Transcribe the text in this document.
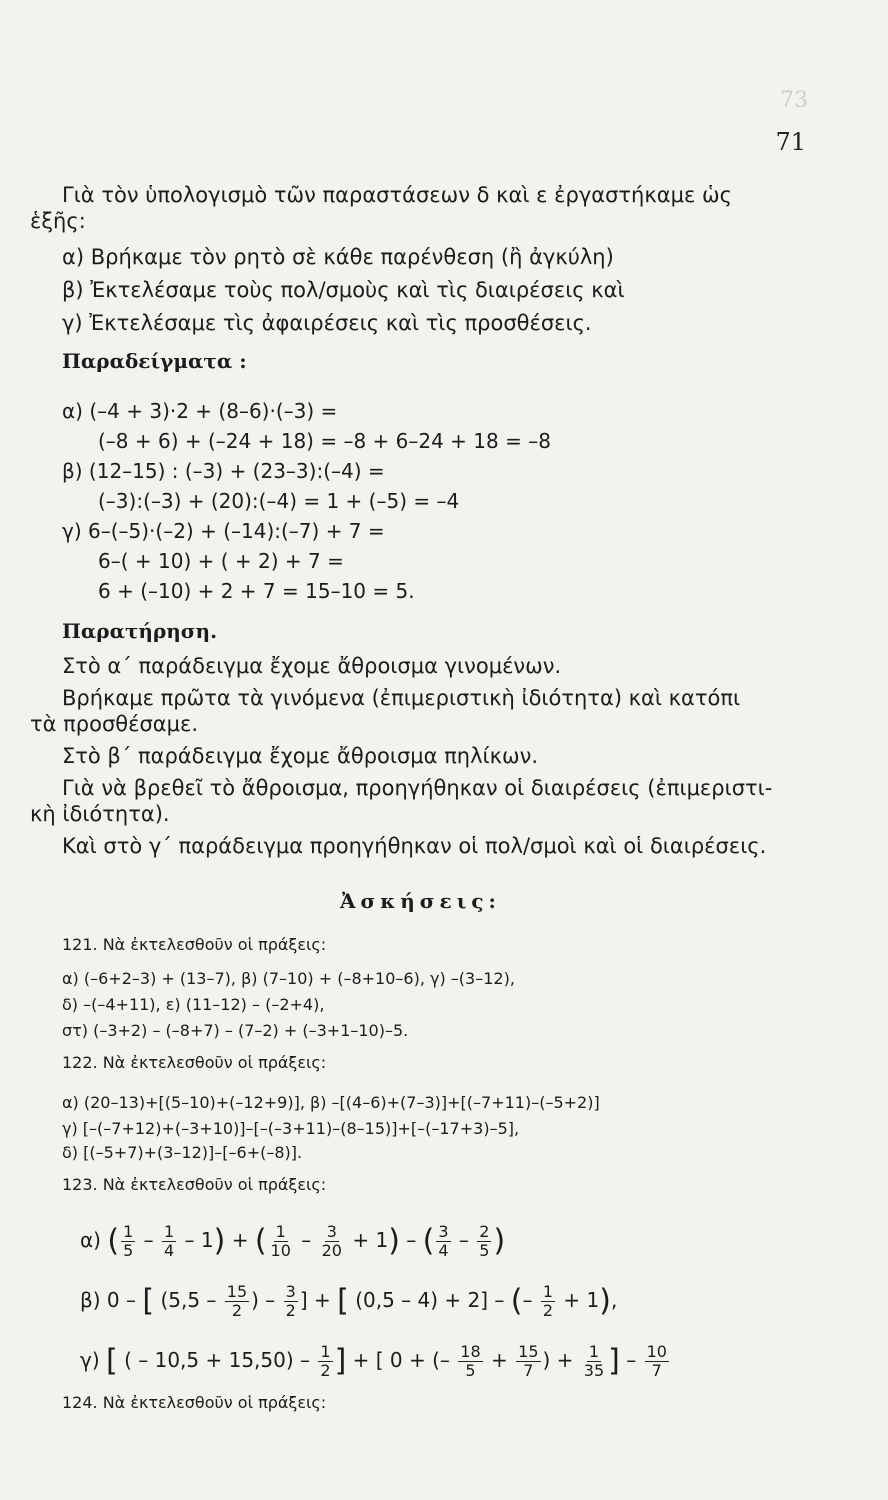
73
71
Γιὰ τὸν ὑπολογισμὸ τῶν παραστάσεων δ καὶ ε ἐργαστήκαμε ὡς
ἑξῆς:
α) Βρήκαμε τὸν ρητὸ σὲ κάθε παρένθεση (ἢ ἀγκύλη)
β) Ἐκτελέσαμε τοὺς πολ/σμοὺς καὶ τὶς διαιρέσεις καὶ
γ) Ἐκτελέσαμε τὶς ἀφαιρέσεις καὶ τὶς προσθέσεις.
Παραδείγματα :
α) (–4 + 3)·2 + (8–6)·(–3) =
(–8 + 6) + (–24 + 18) = –8 + 6–24 + 18 = –8
β) (12–15) : (–3) + (23–3):(–4) =
(–3):(–3) + (20):(–4) = 1 + (–5) = –4
γ) 6–(–5)·(–2) + (–14):(–7) + 7 =
6–( + 10) + ( + 2) + 7 =
6 + (–10) + 2 + 7 = 15–10 = 5.
Παρατήρηση.
Στὸ α΄ παράδειγμα ἔχομε ἄθροισμα γινομένων.
Βρήκαμε πρῶτα τὰ γινόμενα (ἐπιμεριστικὴ ἰδιότητα) καὶ κατόπι
τὰ προσθέσαμε.
Στὸ β΄ παράδειγμα ἔχομε ἄθροισμα πηλίκων.
Γιὰ νὰ βρεθεῖ τὸ ἄθροισμα, προηγήθηκαν οἱ διαιρέσεις (ἐπιμεριστι-
κὴ ἰδιότητα).
Καὶ στὸ γ΄ παράδειγμα προηγήθηκαν οἱ πολ/σμοὶ καὶ οἱ διαιρέσεις.
Ἀσκήσεις:
121. Νὰ ἐκτελεσθοῦν οἱ πράξεις:
α) (–6+2–3) + (13–7), β) (7–10) + (–8+10–6), γ) –(3–12),
δ) –(–4+11), ε) (11–12) – (–2+4),
στ) (–3+2) – (–8+7) – (7–2) + (–3+1–10)–5.
122. Νὰ ἐκτελεσθοῦν οἱ πράξεις:
α) (20–13)+[(5–10)+(–12+9)], β) –[(4–6)+(7–3)]+[(–7+11)–(–5+2)]
γ) [–(–7+12)+(–3+10)]–[–(–3+11)–(8–15)]+[–(–17+3)–5],
δ) [(–5+7)+(3–12)]–[–6+(–8)].
123. Νὰ ἐκτελεσθοῦν οἱ πράξεις:
α) ( $\frac{1}{5} - \frac{1}{4} - 1$) + ( $\frac{1}{10} - \frac{3}{20} + 1$) – ( $\frac{3}{4} - \frac{2}{5}$ )
β) 0 – [ ($5,5 - \frac{15}{2}$ ) – $\frac{3}{2}$ ] + [ (0,5 – 4) + 2] – (– $\frac{1}{2} + 1$),
γ) [ ( – $10,5 + 15,50) - \frac{1}{2}$ ] + [ 0 + (– $\frac{18}{5} + \frac{15}{7}$ ) + $\frac{1}{35}$ ] – $\frac{10}{7}$
124. Νὰ ἐκτελεσθοῦν οἱ πράξεις:
